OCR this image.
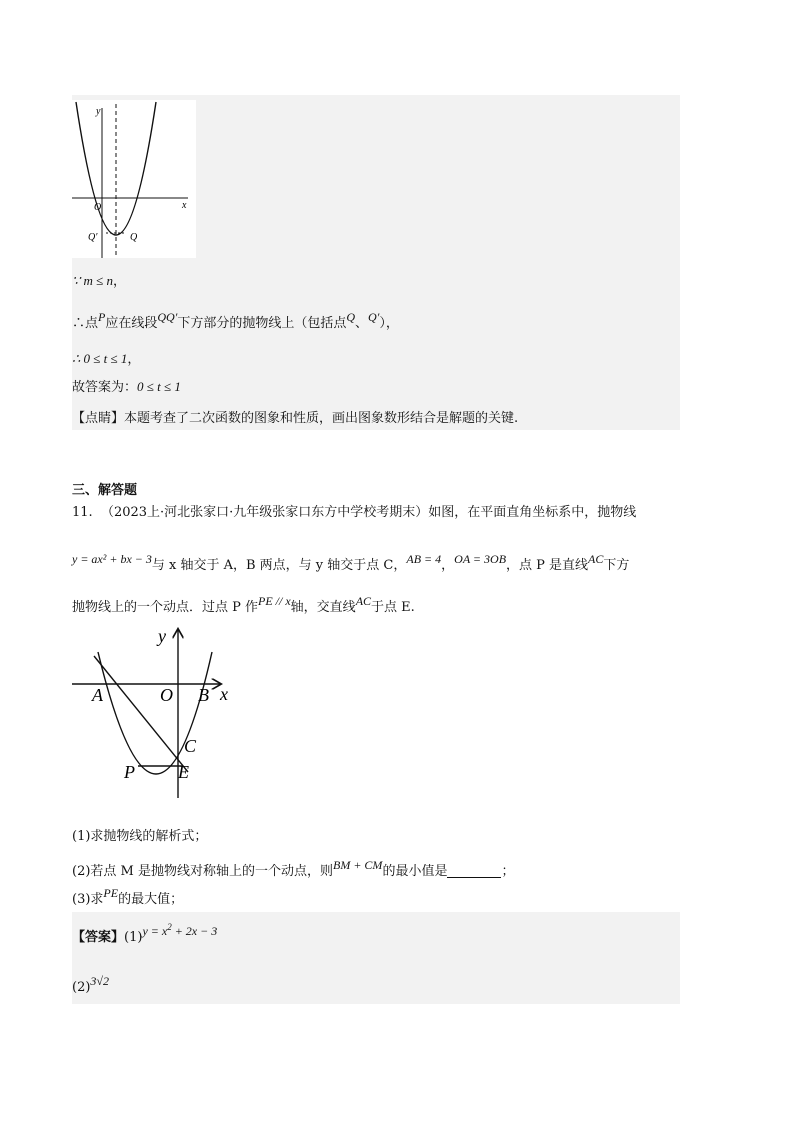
y
x
O
Q′	Q
∵ m ≤ n，
∴点P应在线段QQ′下方部分的抛物线上（包括点Q、Q′），
∴ 0 ≤ t ≤ 1，
故答案为：0 ≤ t ≤ 1
【点睛】本题考查了二次函数的图象和性质，画出图象数形结合是解题的关键.
三、解答题
11. （2023上·河北张家口·九年级张家口东方中学校考期末）如图，在平面直角坐标系中，抛物线
y = ax² + bx − 3与 x 轴交于 A，B 两点，与 y 轴交于点 C，AB = 4，OA = 3OB，点 P 是直线AC下方
抛物线上的一个动点．过点 P 作PE // x轴，交直线AC于点 E.
y
x
A	O B
C
P E
(1)求抛物线的解析式；
(2)若点 M 是抛物线对称轴上的一个动点，则BM + CM的最小值是	；
(3)求PE的最大值；
【答案】$(1)y = x^2 + 2x - 3$
(2)3√2
